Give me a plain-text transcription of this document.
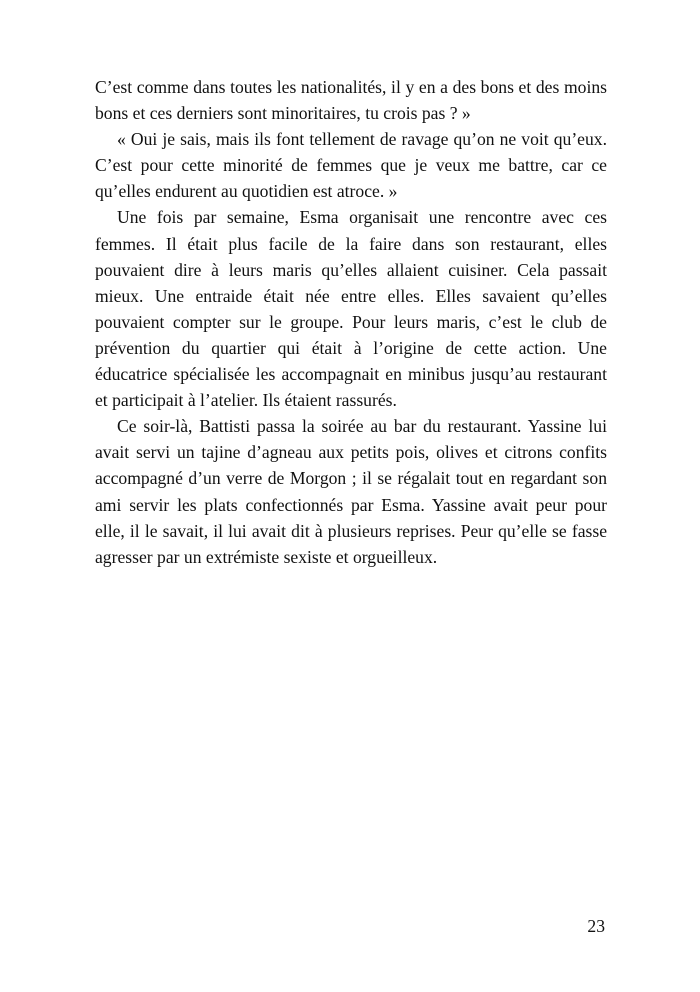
C’est comme dans toutes les nationalités, il y en a des bons et des moins bons et ces derniers sont minoritaires, tu crois pas ? »

« Oui je sais, mais ils font tellement de ravage qu’on ne voit qu’eux. C’est pour cette minorité de femmes que je veux me battre, car ce qu’elles endurent au quotidien est atroce. »

Une fois par semaine, Esma organisait une rencontre avec ces femmes. Il était plus facile de la faire dans son restaurant, elles pouvaient dire à leurs maris qu’elles allaient cuisiner. Cela passait mieux. Une entraide était née entre elles. Elles savaient qu’elles pouvaient compter sur le groupe. Pour leurs maris, c’est le club de prévention du quartier qui était à l’origine de cette action. Une éducatrice spécialisée les accompagnait en minibus jusqu’au restaurant et participait à l’atelier. Ils étaient rassurés.

Ce soir-là, Battisti passa la soirée au bar du restaurant. Yassine lui avait servi un tajine d’agneau aux petits pois, olives et citrons confits accompagné d’un verre de Morgon ; il se régalait tout en regardant son ami servir les plats confectionnés par Esma. Yassine avait peur pour elle, il le savait, il lui avait dit à plusieurs reprises. Peur qu’elle se fasse agresser par un extrémiste sexiste et orgueilleux.

23
